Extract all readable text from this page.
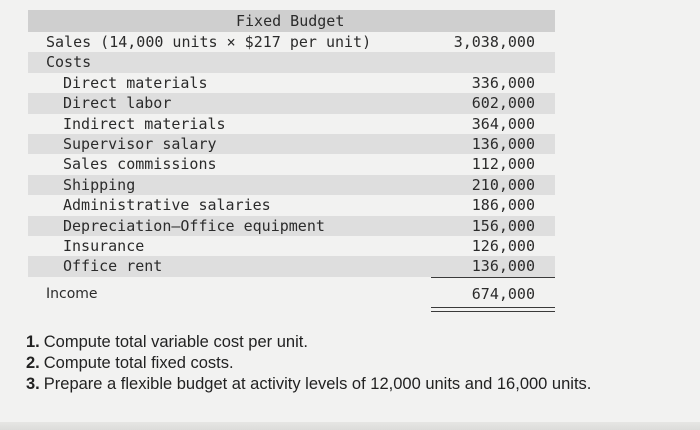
Fixed Budget
Sales (14,000 units × $217 per unit)	3,038,000
Costs
Direct materials	336,000
Direct labor	602,000
Indirect materials	364,000
Supervisor salary	136,000
Sales commissions	112,000
Shipping	210,000
Administrative salaries	186,000
Depreciation—Office equipment	156,000
Insurance	126,000
Office rent	136,000
Income	674,000
1. Compute total variable cost per unit.
2. Compute total fixed costs.
3. Prepare a flexible budget at activity levels of 12,000 units and 16,000 units.
